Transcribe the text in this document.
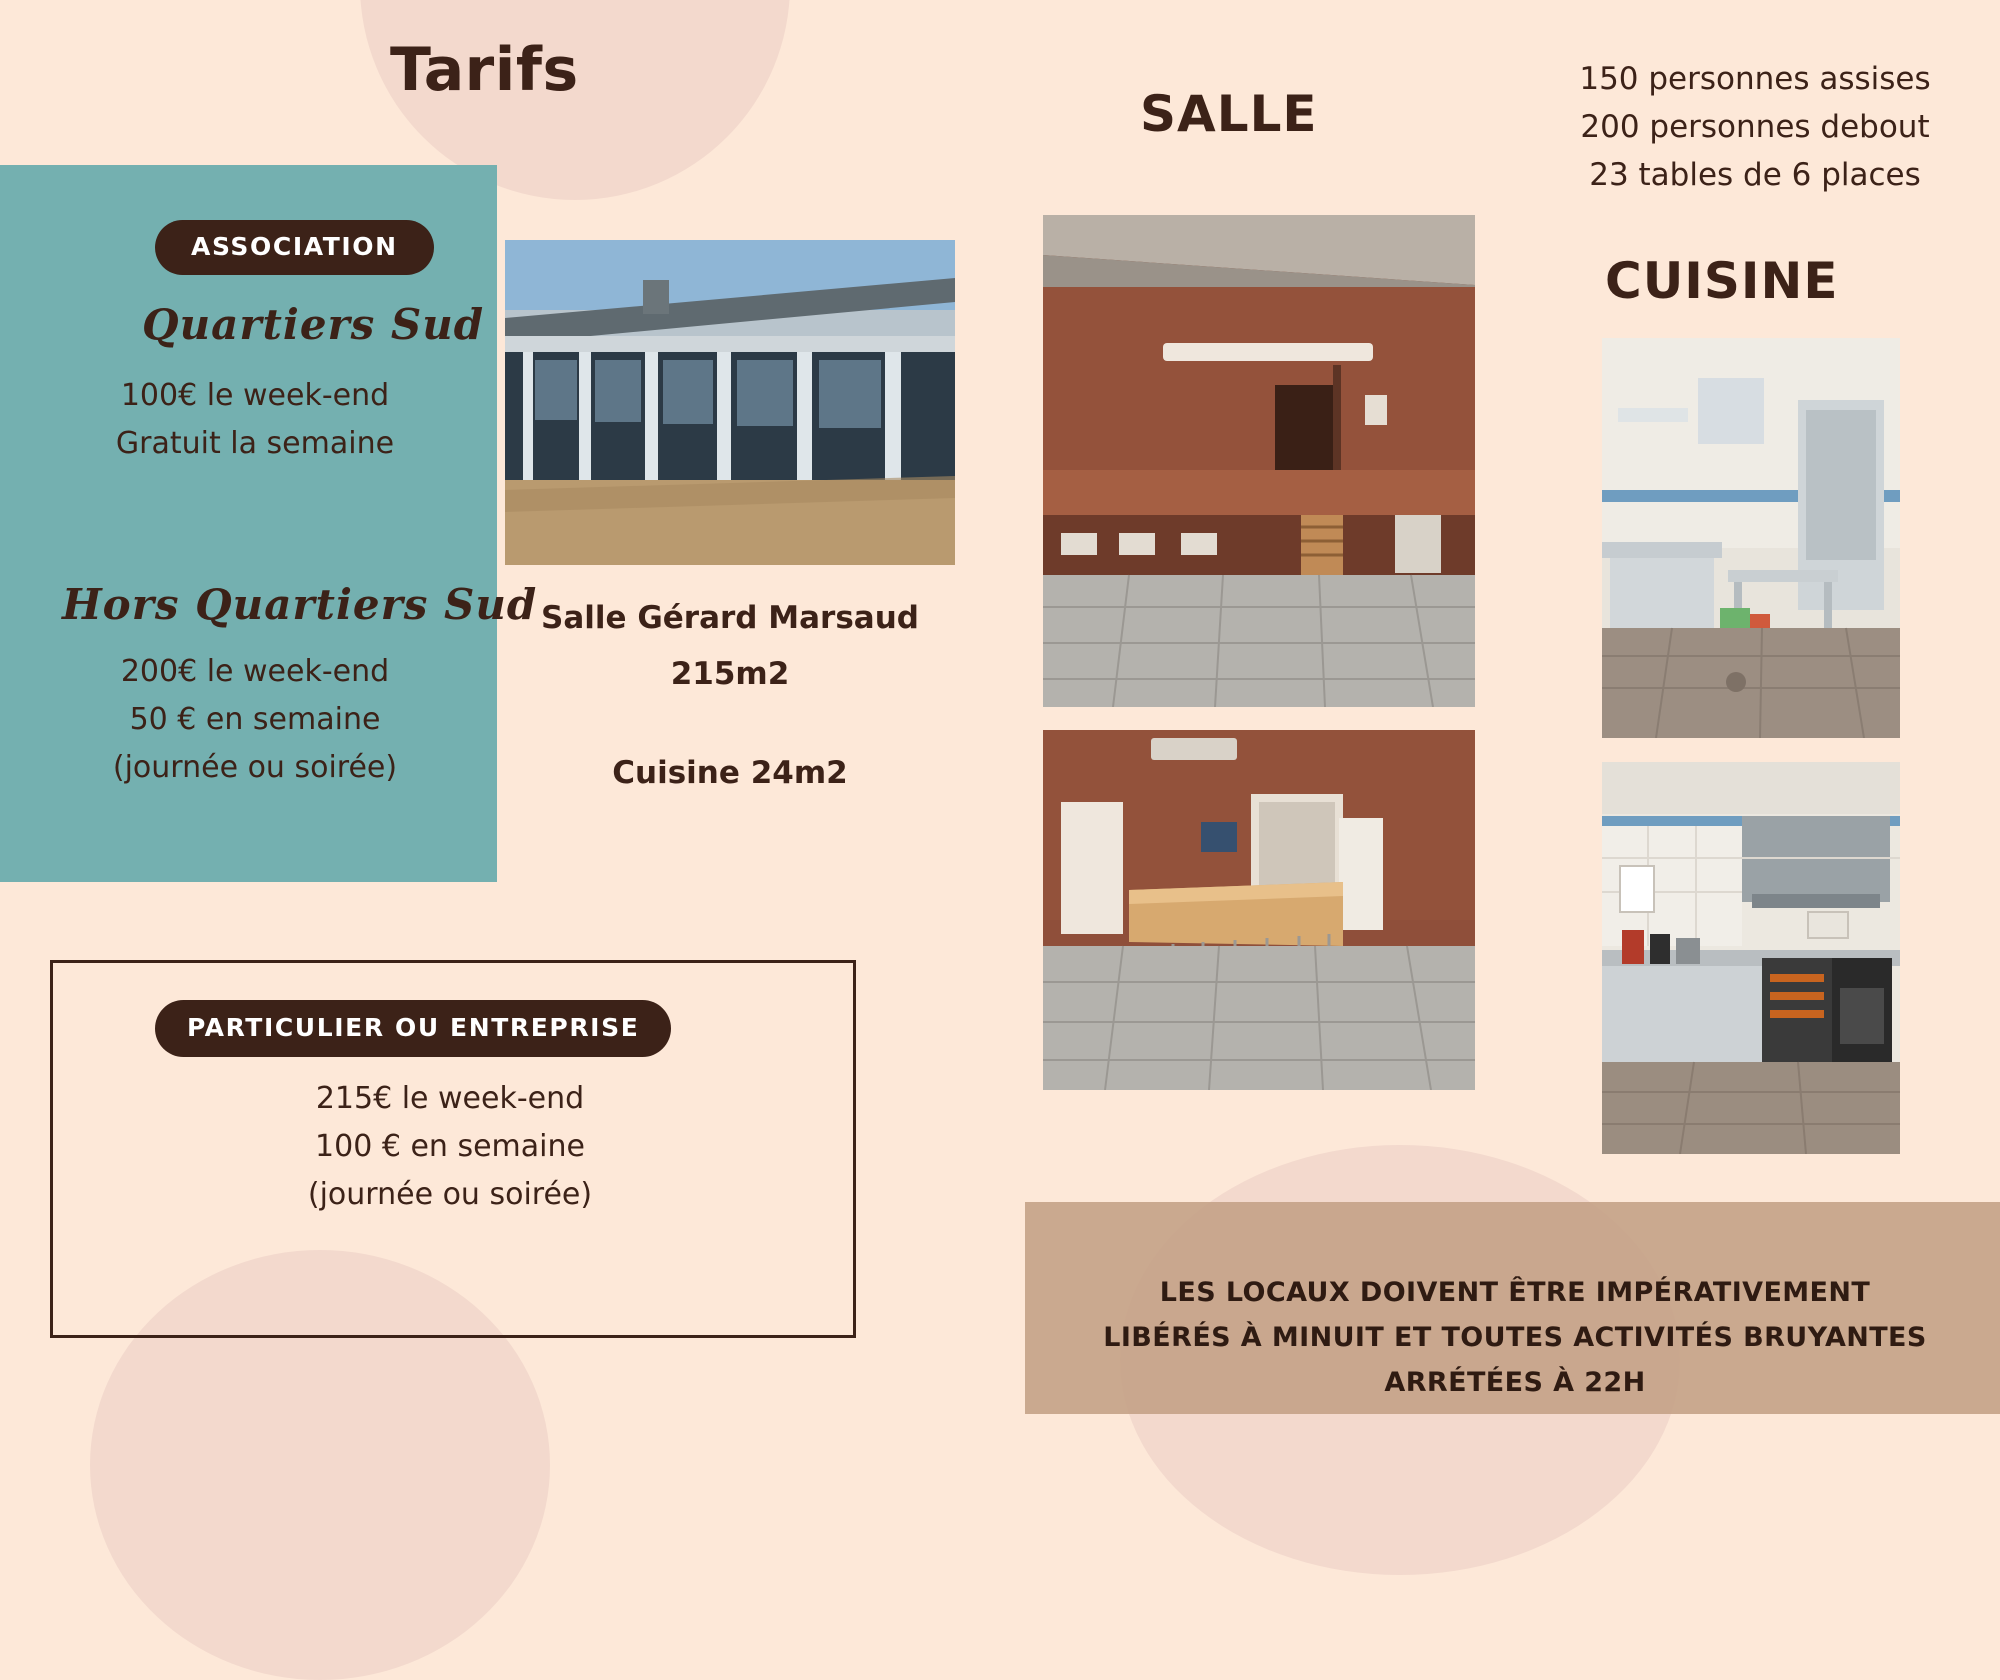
Tarifs
ASSOCIATION
Quartiers Sud
100€ le week-end
Gratuit la semaine
Hors Quartiers Sud
200€ le week-end
50 € en semaine
(journée ou soirée)
PARTICULIER OU ENTREPRISE
215€ le week-end
100 € en semaine
(journée ou soirée)
Salle Gérard Marsaud
215m2
Cuisine 24m2
SALLE
150 personnes assises
200 personnes debout
23 tables de 6 places
CUISINE
LES LOCAUX DOIVENT ÊTRE IMPÉRATIVEMENT
LIBÉRÉS À MINUIT ET TOUTES ACTIVITÉS BRUYANTES
ARRÉTÉES À 22H
